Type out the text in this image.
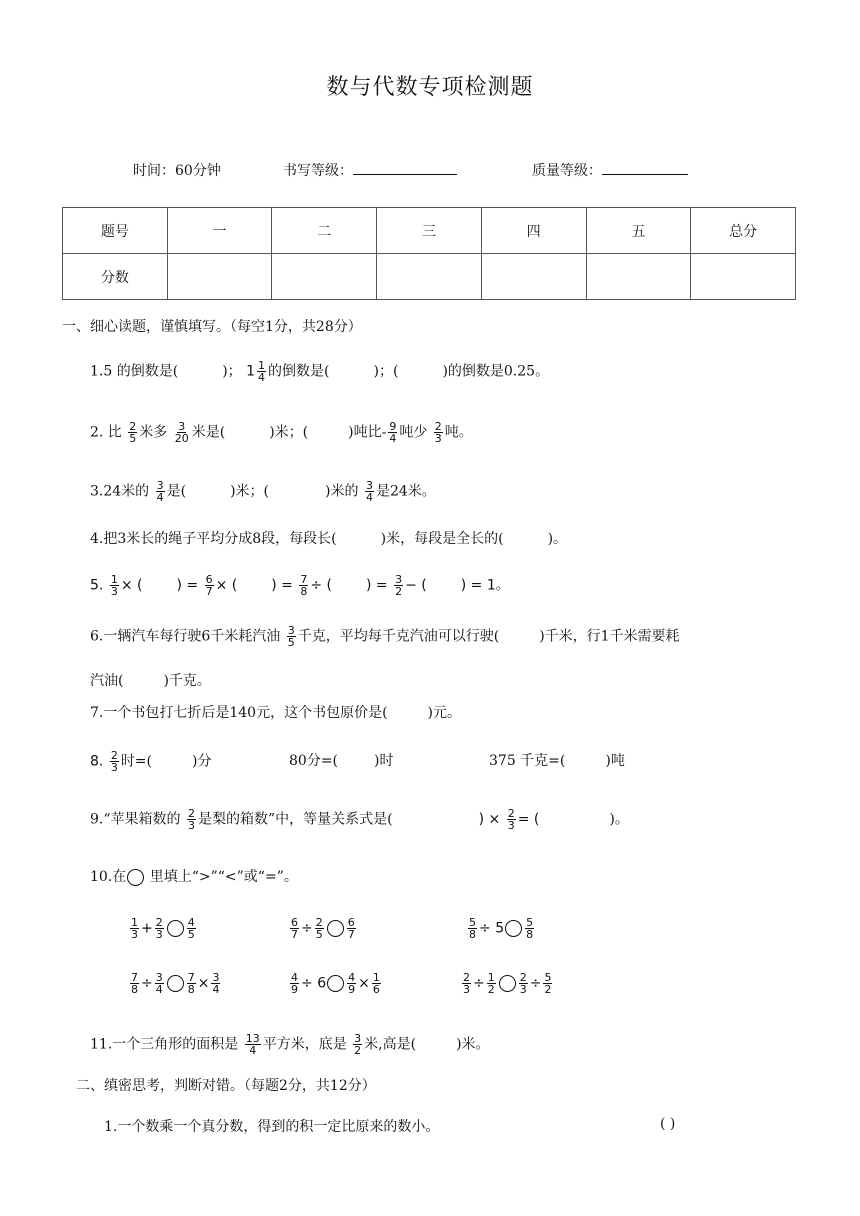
数与代数专项检测题
时间：60分钟	书写等级：	质量等级：
题号	一	二	三	四	五	总分
分数						
一、细心读题，谨慎填写。（每空1分，共28分）
1.5 的倒数是(	)； $1 \frac{1}{4}$ 的倒数是(	)；(	)的倒数是0.25。
2. 比 $\frac{2}{5}$ 米多 $\frac{3}{20}$ 米是(	)米；(	)吨比- $\frac{9}{4}$ 吨少 $\frac{2}{3}$ 吨。
3.24米的 $\frac{3}{4}$ 是(	)米；(	)米的 $\frac{3}{4}$ 是24米。
4.把3米长的绳子平均分成8段，每段长(	)米，每段是全长的(	)。
5. $\frac{1}{3}$ × ( ) = $\frac{6}{7}$ × ( ) = $\frac{7}{8}$ ÷ ( ) = $\frac{3}{2}$ − ( ) = 1。
6.一辆汽车每行驶6千米耗汽油 $\frac{3}{5}$ 千克，平均每千克汽油可以行驶(	)千米，行1千米需要耗
汽油(	)千克。
7.一个书包打七折后是140元，这个书包原价是(	)元。
8. $\frac{2}{3}$ 时=(	)分	80分=(	)时	375 千克=(	)吨
9.“苹果箱数的 $\frac{2}{3}$ 是梨的箱数”中，等量关系式是(	) × $\frac{2}{3}$ = (	)。
10.在 里填上“>”“<”或“=”。
$\frac{1}{3} + \frac{2}{3} \frac{4}{5}$	$\frac{6}{7} \div \frac{2}{5} \frac{6}{7}$	$\frac{5}{8} \div 5 \frac{5}{8}$
$\frac{7}{8} \div \frac{3}{4} \frac{7}{8} \times \frac{3}{4}$	$\frac{4}{9} \div 6 \frac{4}{9} \times \frac{1}{6}$	$\frac{2}{3} \div \frac{1}{2} \frac{2}{3} \div \frac{5}{2}$
11.一个三角形的面积是 $\frac{13}{4}$ 平方米，底是 $\frac{3}{2}$ 米,高是(	)米。
二、缜密思考，判断对错。（每题2分，共12分）
1.一个数乘一个真分数，得到的积一定比原来的数小。	( )
